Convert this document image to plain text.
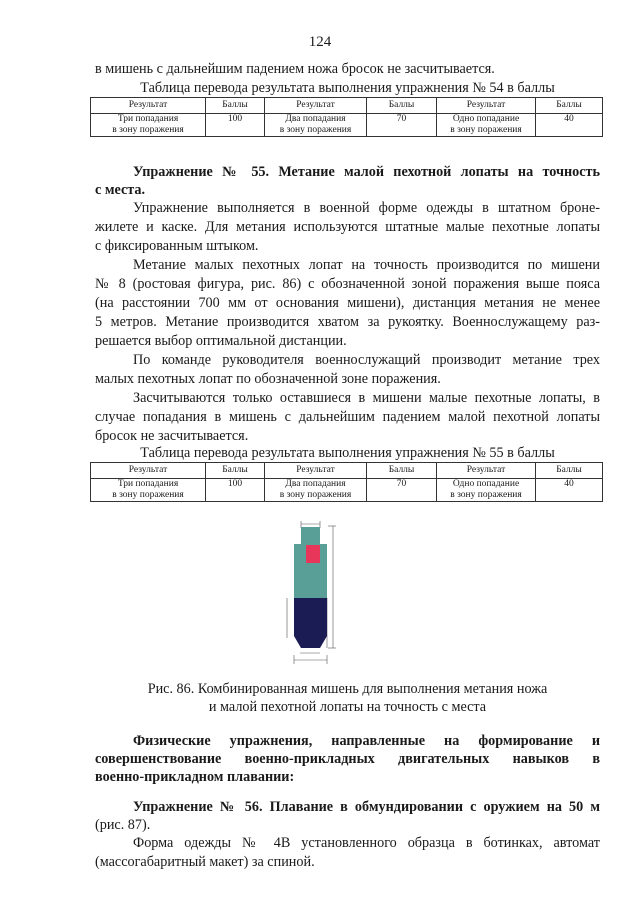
124
в мишень с дальнейшим падением ножа бросок не засчитывается.
Таблица перевода результата выполнения упражнения № 54 в баллы
Результат	Баллы	Результат	Баллы	Результат	Баллы
Три попадания
в зону поражения	100	Два попадания
в зону поражения	70	Одно попадание
в зону поражения	40
Упражнение № 55. Метание малой пехотной лопаты на точность
с места.
Упражнение выполняется в военной форме одежды в штатном броне-
жилете и каске. Для метания используются штатные малые пехотные лопаты
с фиксированным штыком.
Метание малых пехотных лопат на точность производится по мишени
№ 8 (ростовая фигура, рис. 86) с обозначенной зоной поражения выше пояса
(на расстоянии 700 мм от основания мишени), дистанция метания не менее
5 метров. Метание производится хватом за рукоятку. Военнослужащему раз-
решается выбор оптимальной дистанции.
По команде руководителя военнослужащий производит метание трех
малых пехотных лопат по обозначенной зоне поражения.
Засчитываются только оставшиеся в мишени малые пехотные лопаты, в
случае попадания в мишень с дальнейшим падением малой пехотной лопаты
бросок не засчитывается.
Таблица перевода результата выполнения упражнения № 55 в баллы
Результат	Баллы	Результат	Баллы	Результат	Баллы
Три попадания
в зону поражения	100	Два попадания
в зону поражения	70	Одно попадание
в зону поражения	40
Рис. 86. Комбинированная мишень для выполнения метания ножа
и малой пехотной лопаты на точность с места
Физические упражнения, направленные на формирование и
совершенствование военно-прикладных двигательных навыков в
военно-прикладном плавании:
Упражнение № 56. Плавание в обмундировании с оружием на 50 м
(рис. 87).
Форма одежды № 4В установленного образца в ботинках, автомат
(массогабаритный макет) за спиной.
